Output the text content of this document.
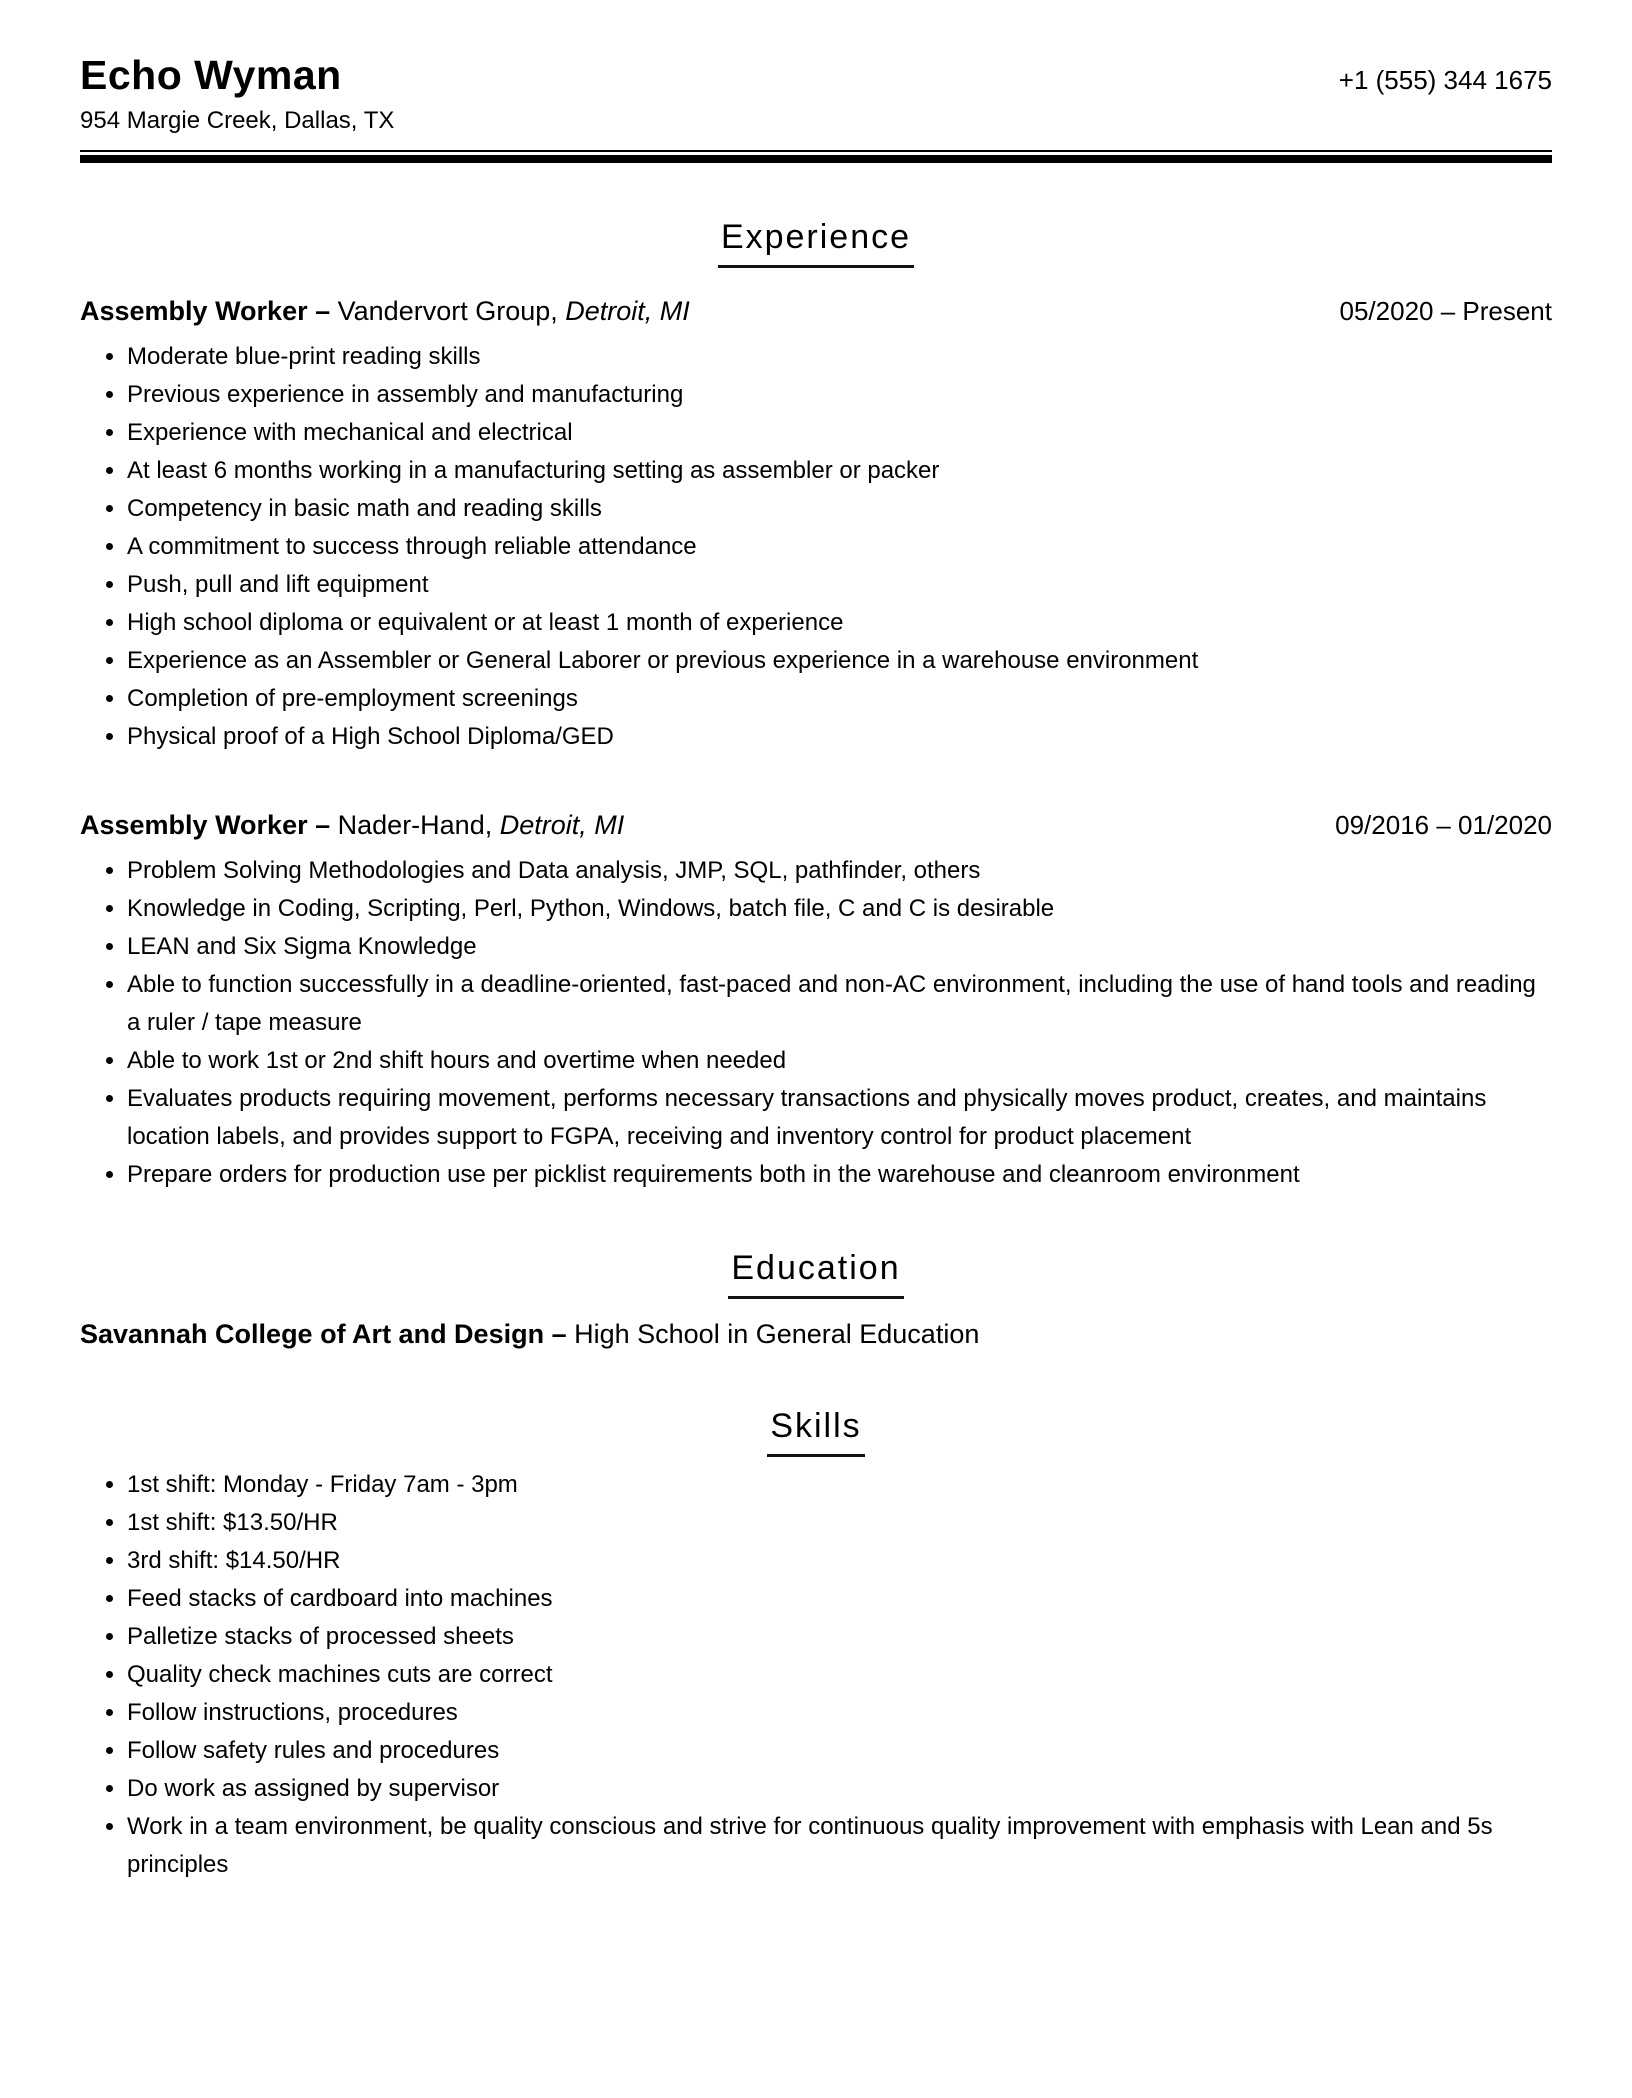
Echo Wyman	+1 (555) 344 1675
954 Margie Creek, Dallas, TX
Experience
Assembly Worker – Vandervort Group, Detroit, MI	05/2020 – Present
• Moderate blue-print reading skills
• Previous experience in assembly and manufacturing
• Experience with mechanical and electrical
• At least 6 months working in a manufacturing setting as assembler or packer
• Competency in basic math and reading skills
• A commitment to success through reliable attendance
• Push, pull and lift equipment
• High school diploma or equivalent or at least 1 month of experience
• Experience as an Assembler or General Laborer or previous experience in a warehouse environment
• Completion of pre-employment screenings
• Physical proof of a High School Diploma/GED
Assembly Worker – Nader-Hand, Detroit, MI	09/2016 – 01/2020
• Problem Solving Methodologies and Data analysis, JMP, SQL, pathfinder, others
• Knowledge in Coding, Scripting, Perl, Python, Windows, batch file, C and C is desirable
• LEAN and Six Sigma Knowledge
• Able to function successfully in a deadline-oriented, fast-paced and non-AC environment, including the use of hand tools and reading a ruler / tape measure
• Able to work 1st or 2nd shift hours and overtime when needed
• Evaluates products requiring movement, performs necessary transactions and physically moves product, creates, and maintains location labels, and provides support to FGPA, receiving and inventory control for product placement
• Prepare orders for production use per picklist requirements both in the warehouse and cleanroom environment
Education

Savannah College of Art and Design – High School in General Education

Skills
• 1st shift: Monday - Friday 7am - 3pm
• 1st shift: $13.50/HR
• 3rd shift: $14.50/HR
• Feed stacks of cardboard into machines
• Palletize stacks of processed sheets
• Quality check machines cuts are correct
• Follow instructions, procedures
• Follow safety rules and procedures
• Do work as assigned by supervisor
• Work in a team environment, be quality conscious and strive for continuous quality improvement with emphasis with Lean and 5s principles
